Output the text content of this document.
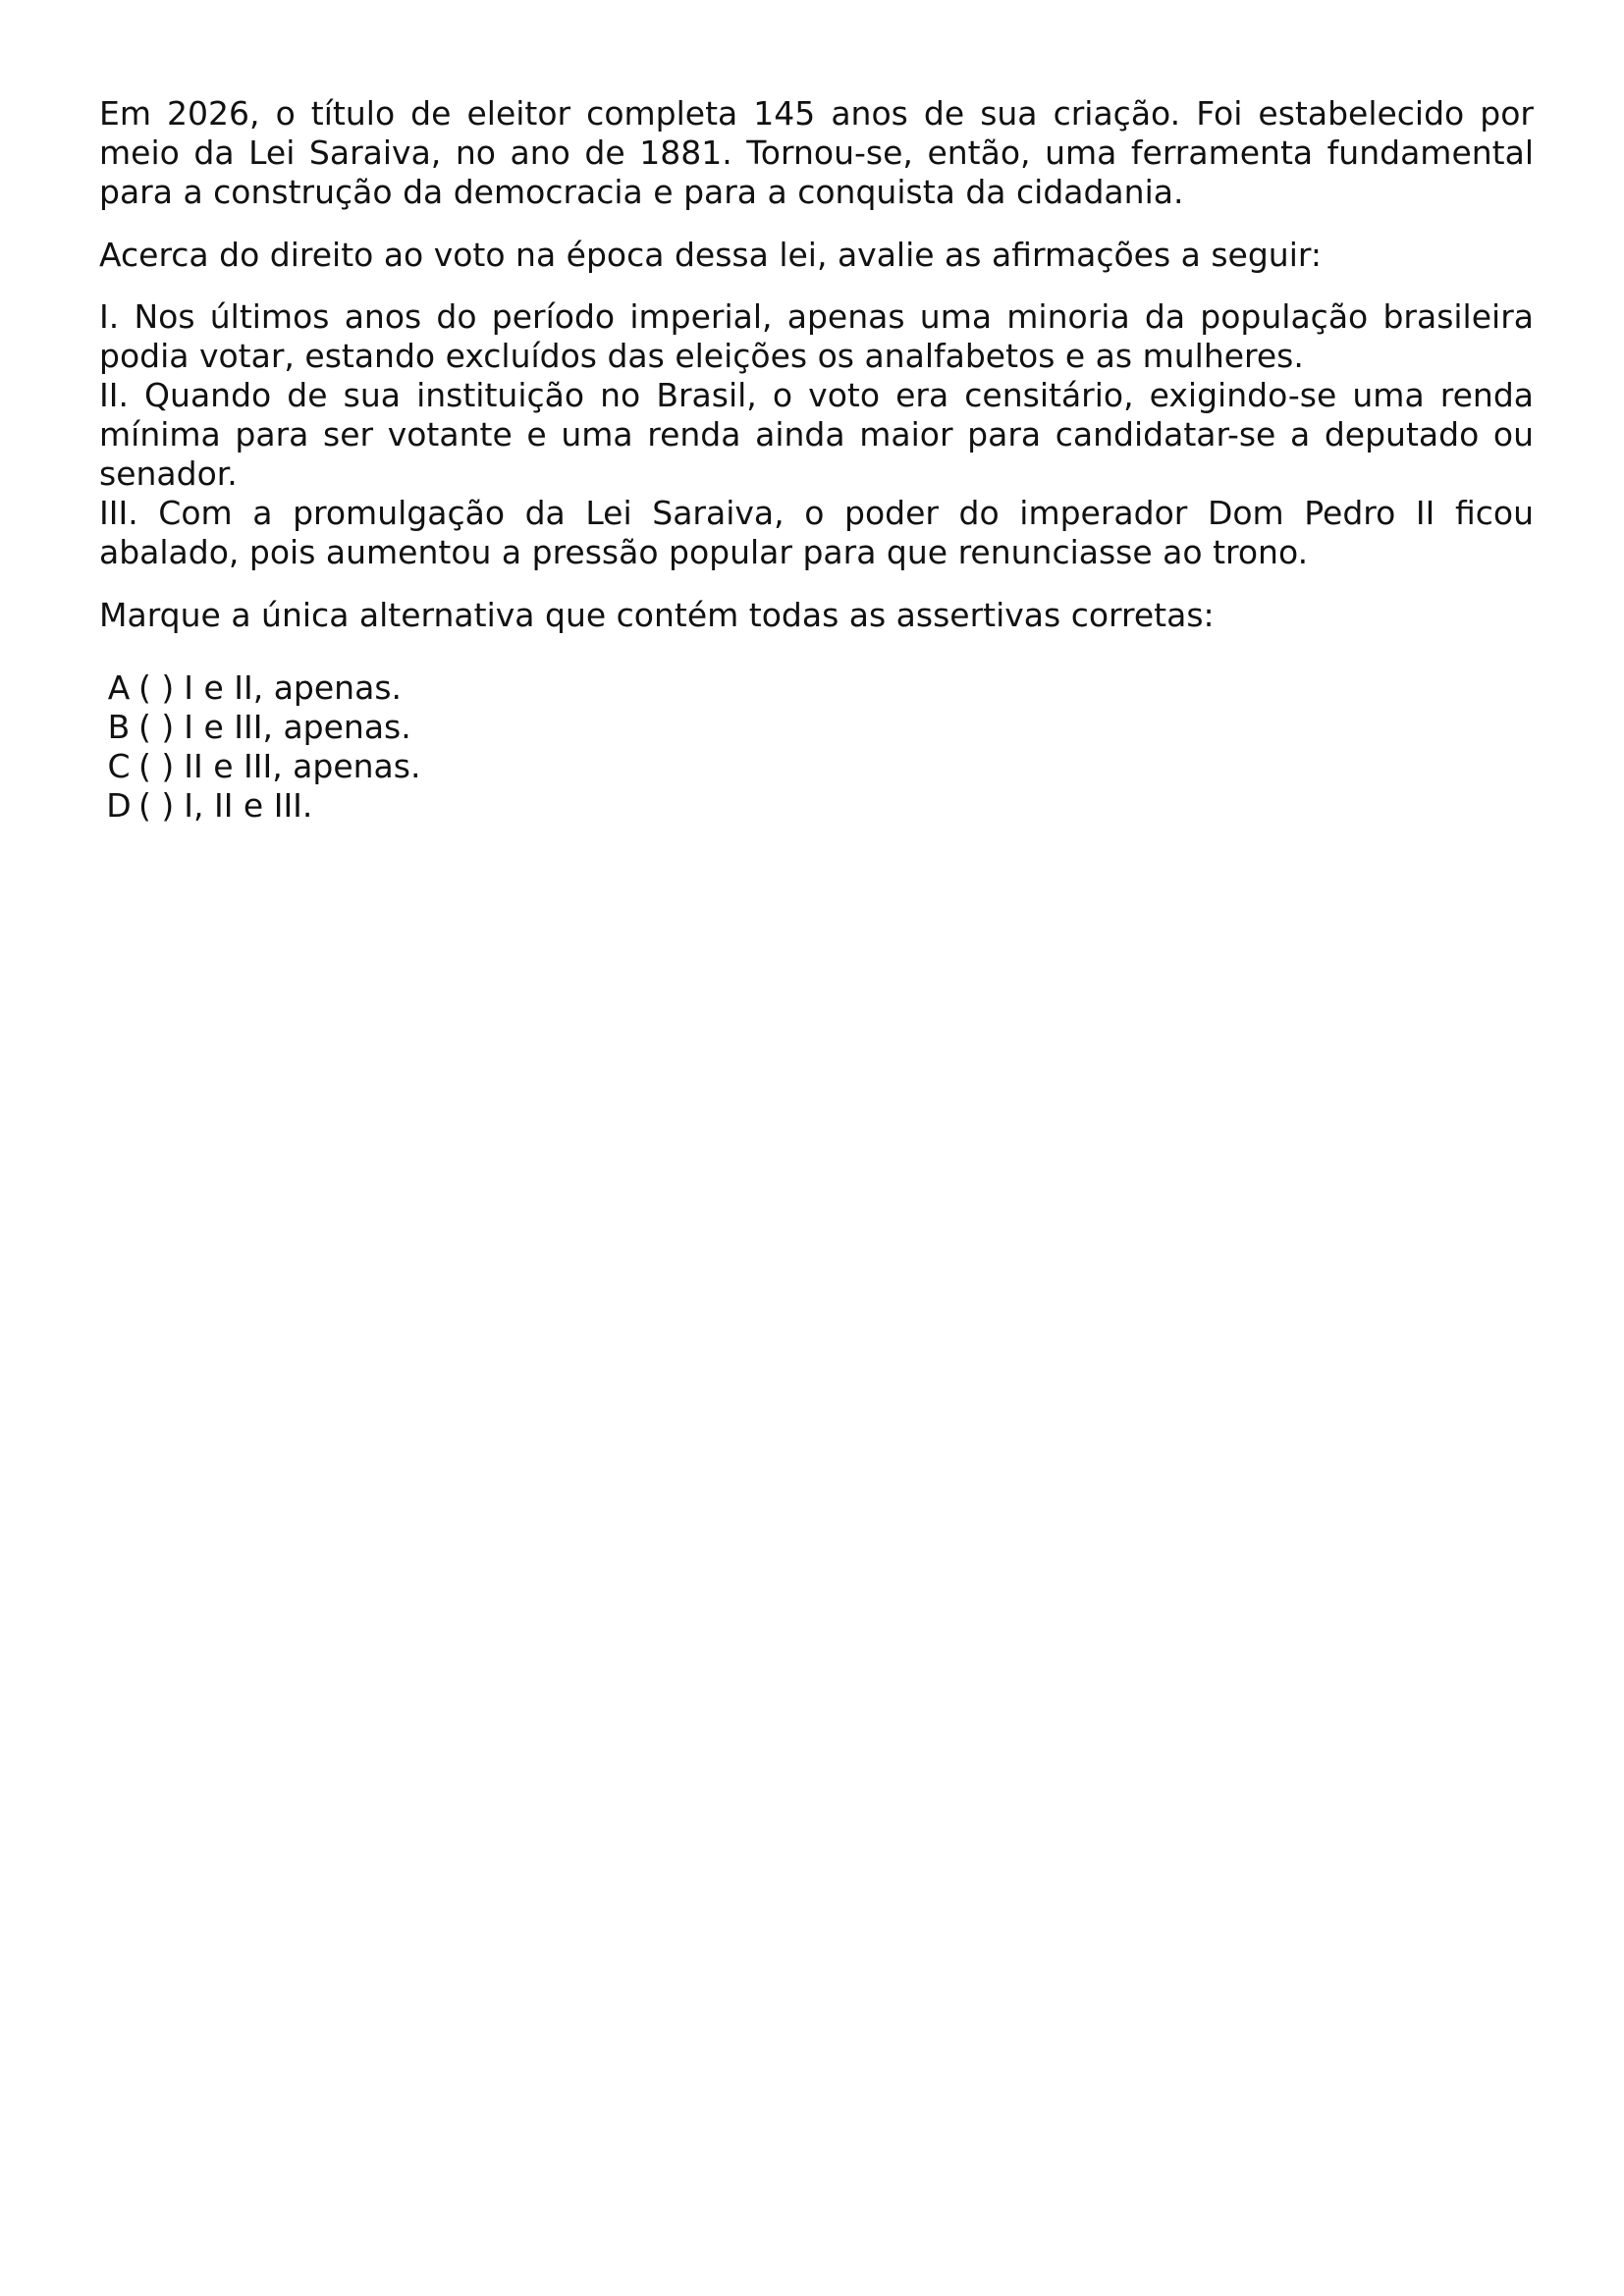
Em 2026, o título de eleitor completa 145 anos de sua criação. Foi estabelecido por meio da Lei Saraiva, no ano de 1881. Tornou-se, então, uma ferramenta fundamental para a construção da democracia e para a conquista da cidadania.

Acerca do direito ao voto na época dessa lei, avalie as afirmações a seguir:

I. Nos últimos anos do período imperial, apenas uma minoria da população brasileira podia votar, estando excluídos das eleições os analfabetos e as mulheres.

II. Quando de sua instituição no Brasil, o voto era censitário, exigindo-se uma renda mínima para ser votante e uma renda ainda maior para candidatar-se a deputado ou senador.

III. Com a promulgação da Lei Saraiva, o poder do imperador Dom Pedro II ficou abalado, pois aumentou a pressão popular para que renunciasse ao trono.

Marque a única alternativa que contém todas as assertivas corretas:

A ( ) I e II, apenas.
B ( ) I e III, apenas.
C ( ) II e III, apenas.
D ( ) I, II e III.
